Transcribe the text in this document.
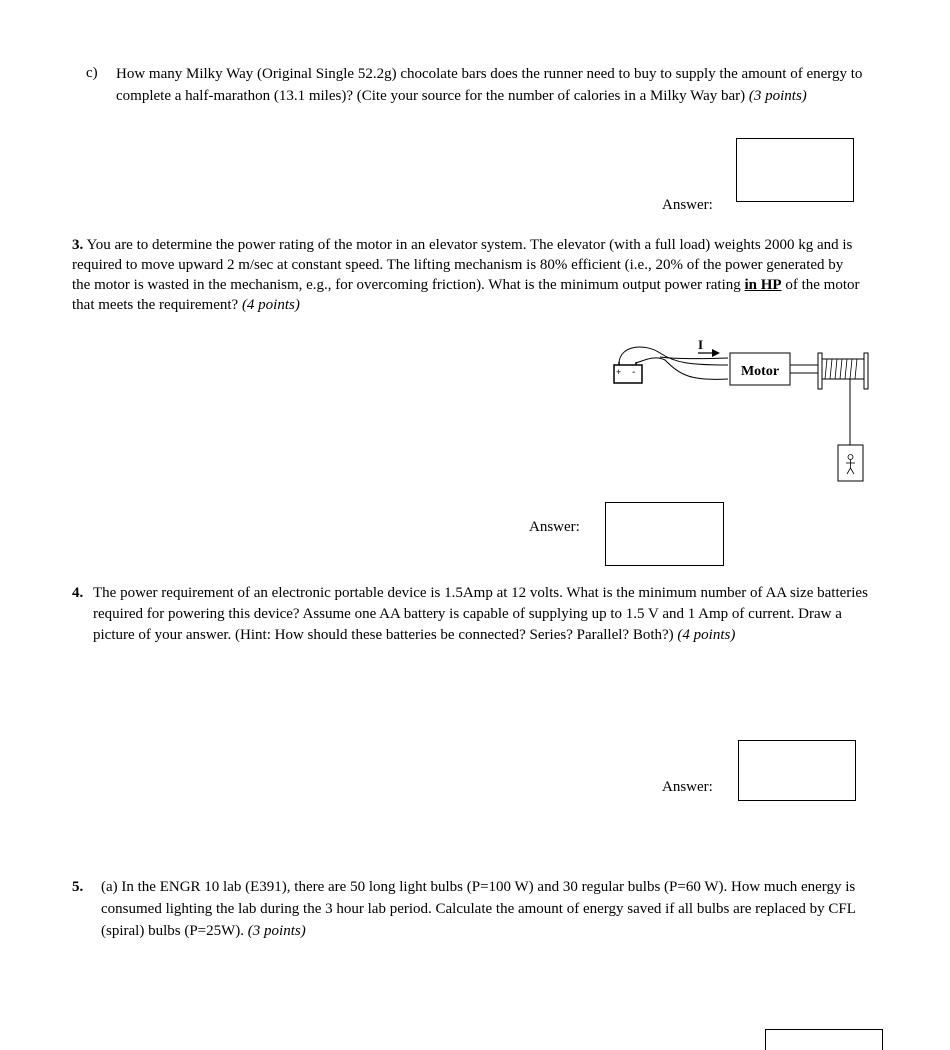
c) How many Milky Way (Original Single 52.2g) chocolate bars does the runner need to buy to supply the amount of energy to complete a half-marathon (13.1 miles)? (Cite your source for the number of calories in a Milky Way bar) (3 points)
Answer:
3. You are to determine the power rating of the motor in an elevator system. The elevator (with a full load) weights 2000 kg and is required to move upward 2 m/sec at constant speed. The lifting mechanism is 80% efficient (i.e., 20% of the power generated by the motor is wasted in the mechanism, e.g., for overcoming friction). What is the minimum output power rating in HP of the motor that meets the requirement? (4 points)
+ -
I
Motor
Answer:
4. The power requirement of an electronic portable device is 1.5Amp at 12 volts. What is the minimum number of AA size batteries required for powering this device? Assume one AA battery is capable of supplying up to 1.5 V and 1 Amp of current. Draw a picture of your answer. (Hint: How should these batteries be connected? Series? Parallel? Both?) (4 points)
Answer:
5. (a) In the ENGR 10 lab (E391), there are 50 long light bulbs (P=100 W) and 30 regular bulbs (P=60 W). How much energy is consumed lighting the lab during the 3 hour lab period. Calculate the amount of energy saved if all bulbs are replaced by CFL (spiral) bulbs (P=25W). (3 points)
